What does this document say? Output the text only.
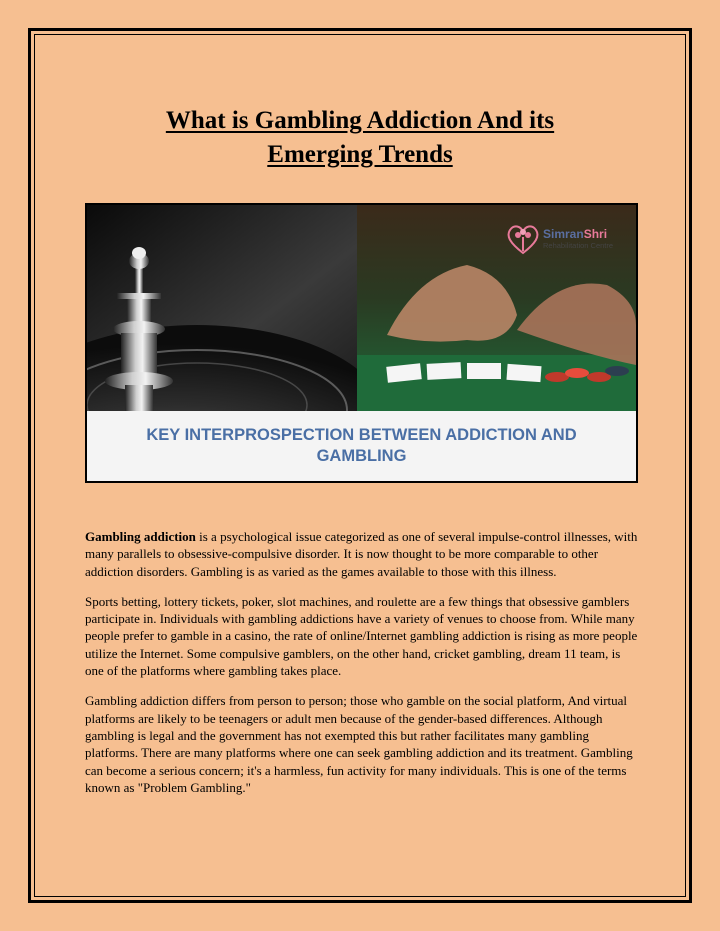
What is Gambling Addiction And its
Emerging Trends
SimranShri
Rehabilitation Centre
KEY INTERPROSPECTION BETWEEN ADDICTION AND GAMBLING

Gambling addiction is a psychological issue categorized as one of several impulse-control illnesses, with many parallels to obsessive-compulsive disorder. It is now thought to be more comparable to other addiction disorders. Gambling is as varied as the games available to those with this illness.

Sports betting, lottery tickets, poker, slot machines, and roulette are a few things that obsessive gamblers participate in. Individuals with gambling addictions have a variety of venues to choose from. While many people prefer to gamble in a casino, the rate of online/Internet gambling addiction is rising as more people utilize the Internet. Some compulsive gamblers, on the other hand, cricket gambling, dream 11 team, is one of the platforms where gambling takes place.

Gambling addiction differs from person to person; those who gamble on the social platform, And virtual platforms are likely to be teenagers or adult men because of the gender-based differences. Although gambling is legal and the government has not exempted this but rather facilitates many gambling platforms. There are many platforms where one can seek gambling addiction and its treatment. Gambling can become a serious concern; it's a harmless, fun activity for many individuals. This is one of the terms known as "Problem Gambling."
